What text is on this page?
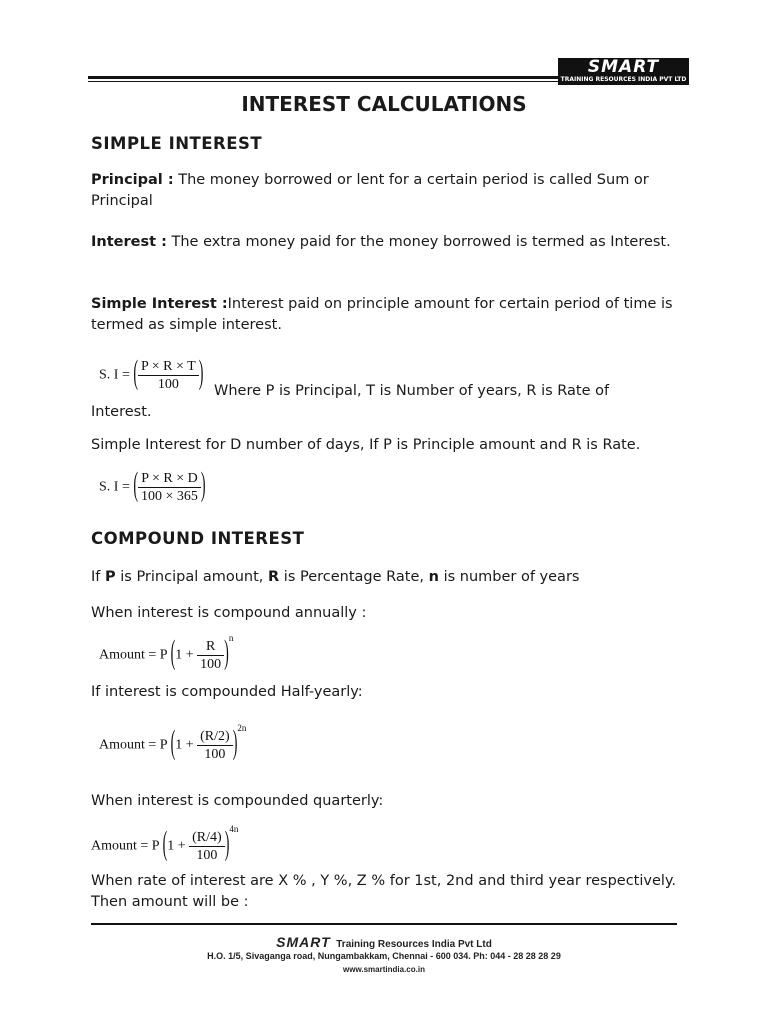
SMART
TRAINING RESOURCES INDIA PVT LTD
INTEREST CALCULATIONS
SIMPLE INTEREST
Principal : The money borrowed or lent for a certain period is called Sum or Principal
Interest : The extra money paid for the money borrowed is termed as Interest.
Simple Interest :Interest paid on principle amount for certain period of time is termed as simple interest.
S. I = ( $\frac{P \times R \times T}{100}$ ) Where P is Principal, T is Number of years, R is Rate of
Interest.
Simple Interest for D number of days, If P is Principle amount and R is Rate.
S. I = ( $\frac{P \times R \times D}{100 \times 365}$ )
COMPOUND INTEREST
If P is Principal amount, R is Percentage Rate, n is number of years
When interest is compound annually :
Amount = P $(1 + \frac{R}{100} )^n$
If interest is compounded Half-yearly:
Amount = P $(1 + \frac{(R/2)}{100} )^{2n}$
When interest is compounded quarterly:
Amount = P $(1 + \frac{(R/4)}{100} )^{4n}$
When rate of interest are X % , Y %, Z % for 1st, 2nd and third year respectively. Then amount will be :
SMART Training Resources India Pvt Ltd
H.O. 1/5, Sivaganga road, Nungambakkam, Chennai - 600 034. Ph: 044 - 28 28 28 29
www.smartindia.co.in
